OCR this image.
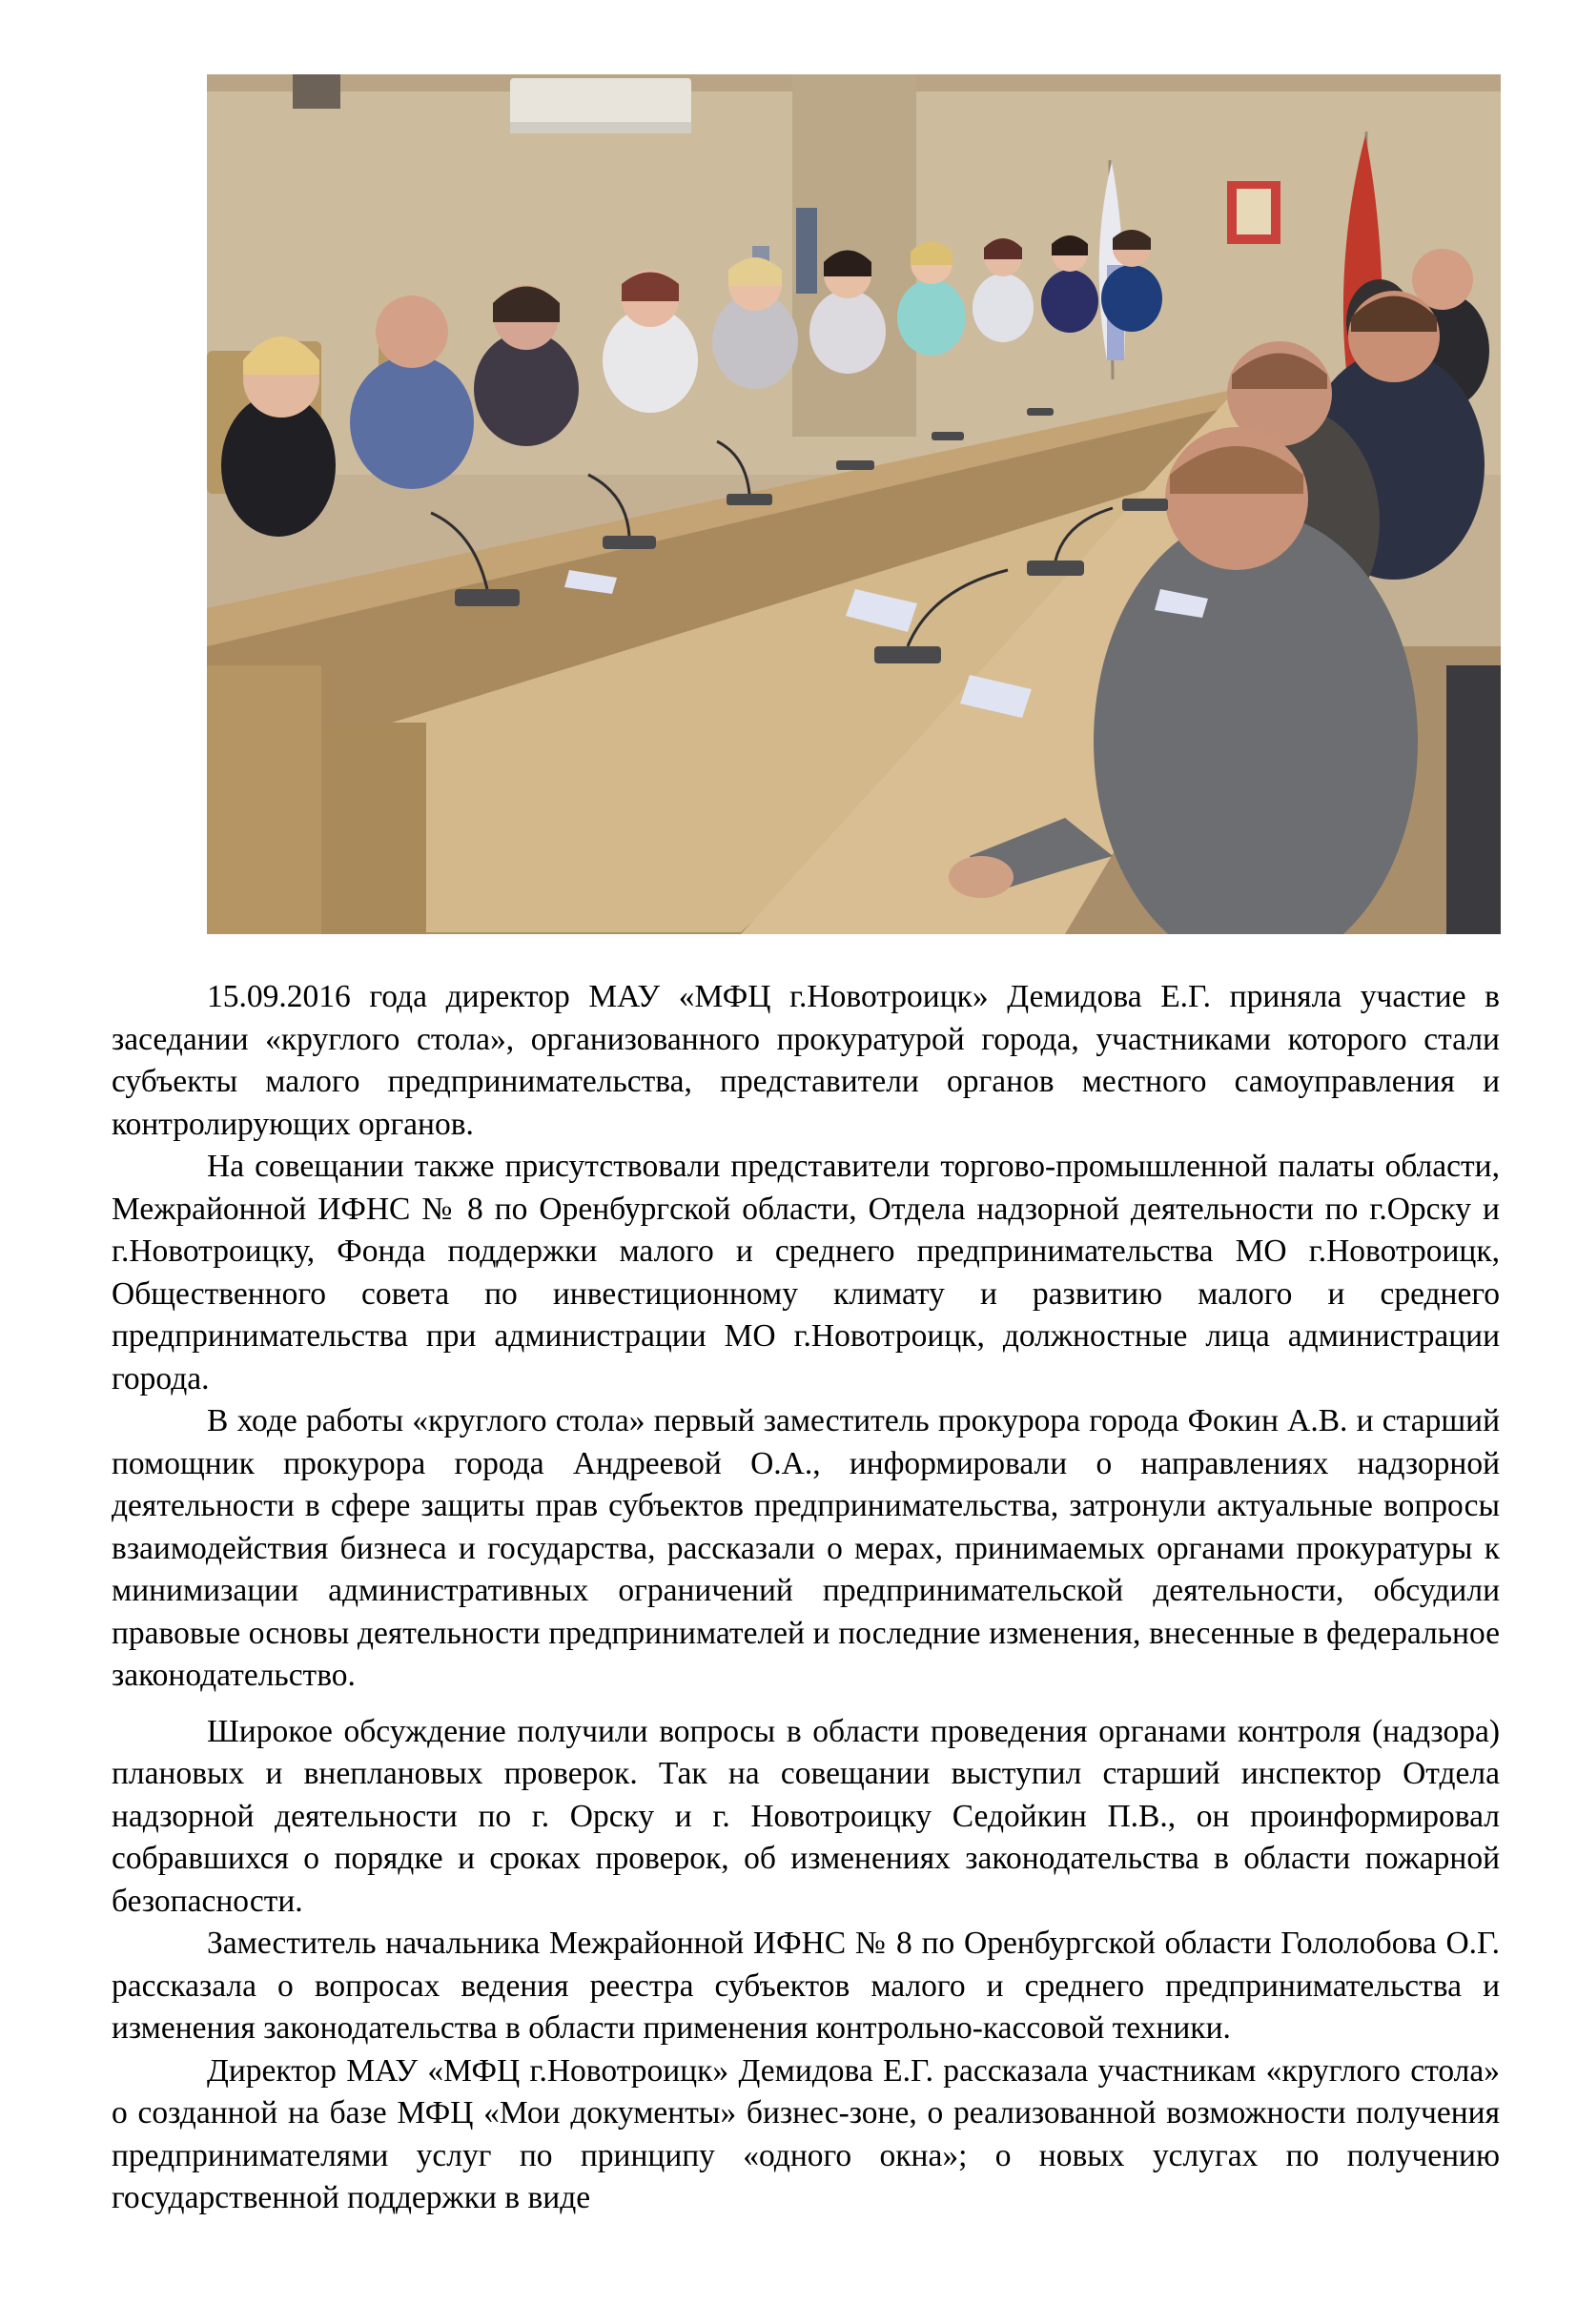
15.09.2016 года директор МАУ «МФЦ г.Новотроицк» Демидова Е.Г. приняла участие в заседании «круглого стола», организованного прокуратурой города, участниками которого стали субъекты малого предпринимательства, представители органов местного самоуправления и контролирующих органов.

На совещании также присутствовали представители торгово-промышленной палаты области, Межрайонной ИФНС № 8 по Оренбургской области, Отдела надзорной деятельности по г.Орску и г.Новотроицку, Фонда поддержки малого и среднего предпринимательства МО г.Новотроицк, Общественного совета по инвестиционному климату и развитию малого и среднего предпринимательства при администрации МО г.Новотроицк, должностные лица администрации города.

В ходе работы «круглого стола» первый заместитель прокурора города Фокин А.В. и старший помощник прокурора города Андреевой О.А., информировали о направлениях надзорной деятельности в сфере защиты прав субъектов предпринимательства, затронули актуальные вопросы взаимодействия бизнеса и государства, рассказали о мерах, принимаемых органами прокуратуры к минимизации административных ограничений предпринимательской деятельности, обсудили правовые основы деятельности предпринимателей и последние изменения, внесенные в федеральное законодательство.

Широкое обсуждение получили вопросы в области проведения органами контроля (надзора) плановых и внеплановых проверок. Так на совещании выступил старший инспектор Отдела надзорной деятельности по г. Орску и г. Новотроицку Седойкин П.В., он проинформировал собравшихся о порядке и сроках проверок, об изменениях законодательства в области пожарной безопасности.

Заместитель начальника Межрайонной ИФНС № 8 по Оренбургской области Гололобова О.Г. рассказала о вопросах ведения реестра субъектов малого и среднего предпринимательства и изменения законодательства в области применения контрольно-кассовой техники.

Директор МАУ «МФЦ г.Новотроицк» Демидова Е.Г. рассказала участникам «круглого стола» о созданной на базе МФЦ «Мои документы» бизнес-зоне, о реализованной возможности получения предпринимателями услуг по принципу «одного окна»; о новых услугах по получению государственной поддержки в виде
